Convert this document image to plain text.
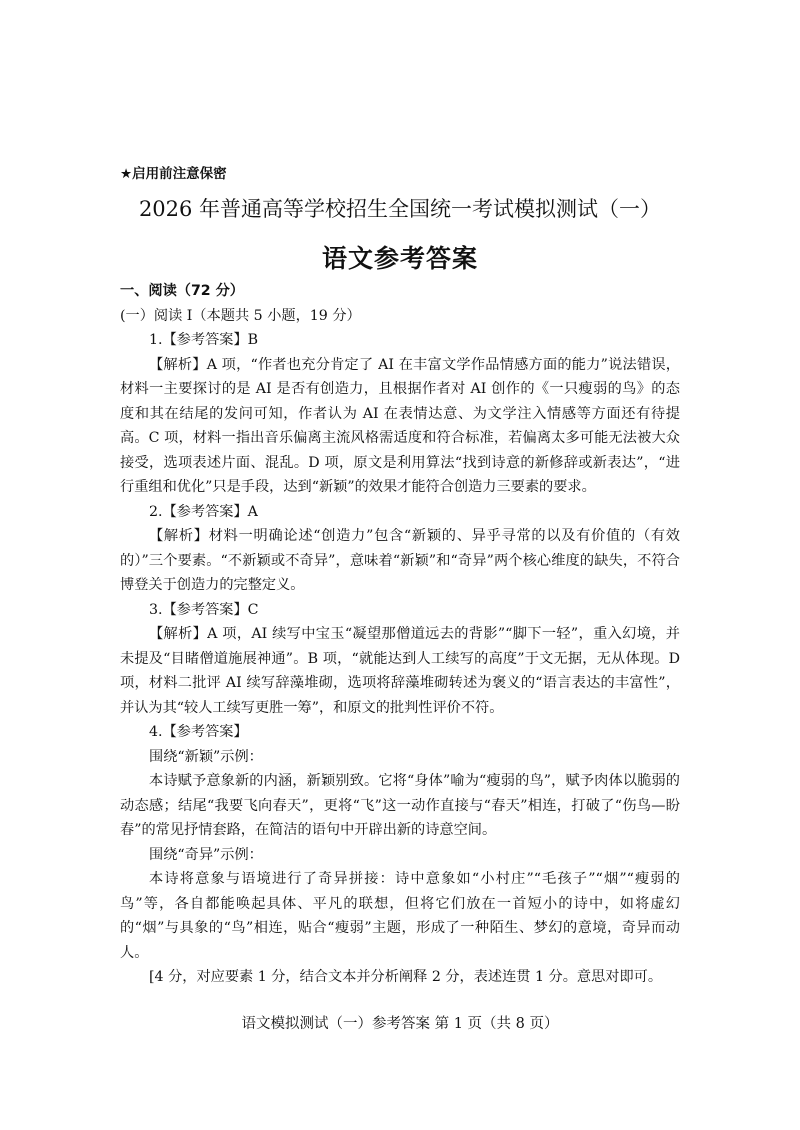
★启用前注意保密
2026 年普通高等学校招生全国统一考试模拟测试（一）
语文参考答案
一、阅读（72 分）
(一）阅读 I（本题共 5 小题，19 分）
1.【参考答案】B
【解析】A 项，“作者也充分肯定了 AI 在丰富文学作品情感方面的能力”说法错误，材料一主要探讨的是 AI 是否有创造力，且根据作者对 AI 创作的《一只瘦弱的鸟》的态度和其在结尾的发问可知，作者认为 AI 在表情达意、为文学注入情感等方面还有待提高。C 项，材料一指出音乐偏离主流风格需适度和符合标准，若偏离太多可能无法被大众接受，选项表述片面、混乱。D 项，原文是利用算法“找到诗意的新修辞或新表达”，“进行重组和优化”只是手段，达到“新颖”的效果才能符合创造力三要素的要求。
2.【参考答案】A
【解析】材料一明确论述“创造力”包含“新颖的、异乎寻常的以及有价值的（有效的）”三个要素。“不新颖或不奇异”，意味着“新颖”和“奇异”两个核心维度的缺失，不符合博登关于创造力的完整定义。
3.【参考答案】C
【解析】A 项，AI 续写中宝玉“凝望那僧道远去的背影”“脚下一轻”，重入幻境，并未提及“目睹僧道施展神通”。B 项，“就能达到人工续写的高度”于文无据，无从体现。D 项，材料二批评 AI 续写辞藻堆砌，选项将辞藻堆砌转述为褒义的“语言表达的丰富性”，并认为其“较人工续写更胜一筹”，和原文的批判性评价不符。
4.【参考答案】
围绕“新颖”示例：
本诗赋予意象新的内涵，新颖别致。它将“身体”喻为“瘦弱的鸟”，赋予肉体以脆弱的动态感；结尾“我要飞向春天”，更将“飞”这一动作直接与“春天”相连，打破了“伤鸟—盼春”的常见抒情套路，在简洁的语句中开辟出新的诗意空间。
围绕“奇异”示例：
本诗将意象与语境进行了奇异拼接：诗中意象如“小村庄”“毛孩子”“烟”“瘦弱的鸟”等，各自都能唤起具体、平凡的联想，但将它们放在一首短小的诗中，如将虚幻的“烟”与具象的“鸟”相连，贴合“瘦弱”主题，形成了一种陌生、梦幻的意境，奇异而动人。
[4 分，对应要素 1 分，结合文本并分析阐释 2 分，表述连贯 1 分。意思对即可。
语文模拟测试（一）参考答案 第 1 页（共 8 页）
